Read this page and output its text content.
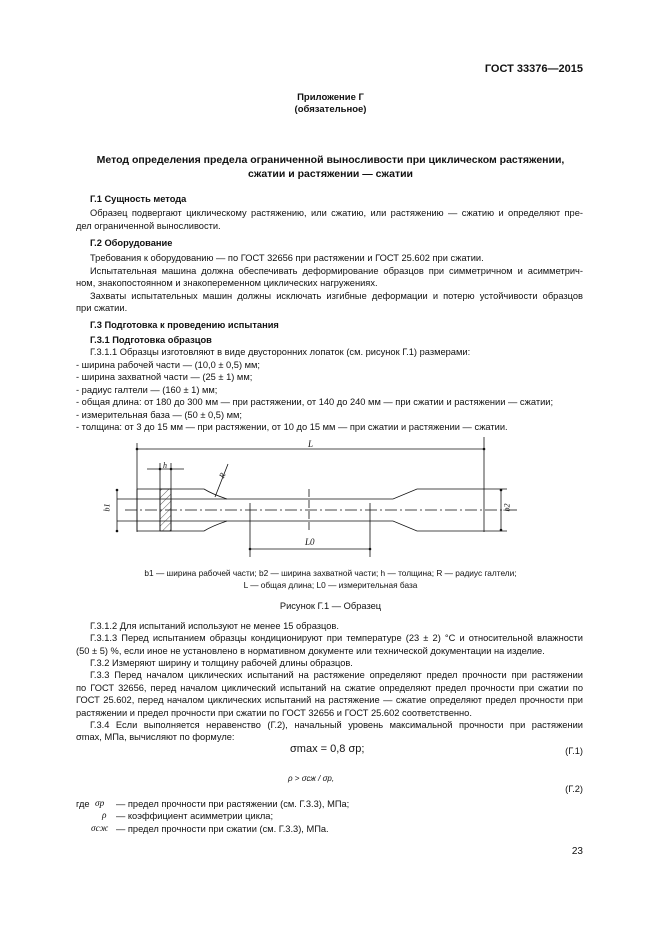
ГОСТ 33376—2015
Приложение Г
(обязательное)
Метод определения предела ограниченной выносливости при циклическом растяжении,
сжатии и растяжении — сжатии
Г.1 Сущность метода
Образец подвергают циклическому растяжению, или сжатию, или растяжению — сжатию и определяют пре-
дел ограниченной выносливости.
Г.2 Оборудование
Требования к оборудованию — по ГОСТ 32656 при растяжении и ГОСТ 25.602 при сжатии.
Испытательная машина должна обеспечивать деформирование образцов при симметричном и асимметрич-
ном, знакопостоянном и знакопеременном циклических нагружениях.
Захваты испытательных машин должны исключать изгибные деформации и потерю устойчивости образцов
при сжатии.
Г.3 Подготовка к проведению испытания
Г.3.1 Подготовка образцов
Г.3.1.1 Образцы изготовляют в виде двусторонних лопаток (см. рисунок Г.1) размерами:
- ширина рабочей части — (10,0 ± 0,5) мм;
- ширина захватной части — (25 ± 1) мм;
- радиус галтели — (160 ± 1) мм;
- общая длина: от 180 до 300 мм — при растяжении, от 140 до 240 мм — при сжатии и растяжении — сжатии;
- измерительная база — (50 ± 0,5) мм;
- толщина: от 3 до 15 мм — при растяжении, от 10 до 15 мм — при сжатии и растяжении — сжатии.
L
h
R
b1	b2
L0
b1 — ширина рабочей части; b2 — ширина захватной части; h — толщина; R — радиус галтели;
L — общая длина; L0 — измерительная база
Рисунок Г.1 — Образец
Г.3.1.2 Для испытаний используют не менее 15 образцов.
Г.3.1.3 Перед испытанием образцы кондиционируют при температуре (23 ± 2) °С и относительной влажности
(50 ± 5) %, если иное не установлено в нормативном документе или технической документации на изделие.
Г.3.2 Измеряют ширину и толщину рабочей длины образцов.
Г.3.3 Перед началом циклических испытаний на растяжение определяют предел прочности при растяжении
по ГОСТ 32656, перед началом циклический испытаний на сжатие определяют предел прочности при сжатии по
ГОСТ 25.602, перед началом циклических испытаний на растяжение — сжатие определяют предел прочности при
растяжении и предел прочности при сжатии по ГОСТ 32656 и ГОСТ 25.602 соответственно.
Г.3.4 Если выполняется неравенство (Г.2), начальный уровень максимальной прочности при растяжении
σmax, МПа, вычисляют по формуле:
σmax = 0,8 σр;	(Г.1)
ρ > σсж / σр,
(Г.2)
где σр — предел прочности при растяжении (см. Г.3.3), МПа;
ρ — коэффициент асимметрии цикла;
σсж — предел прочности при сжатии (см. Г.3.3), МПа.
23
